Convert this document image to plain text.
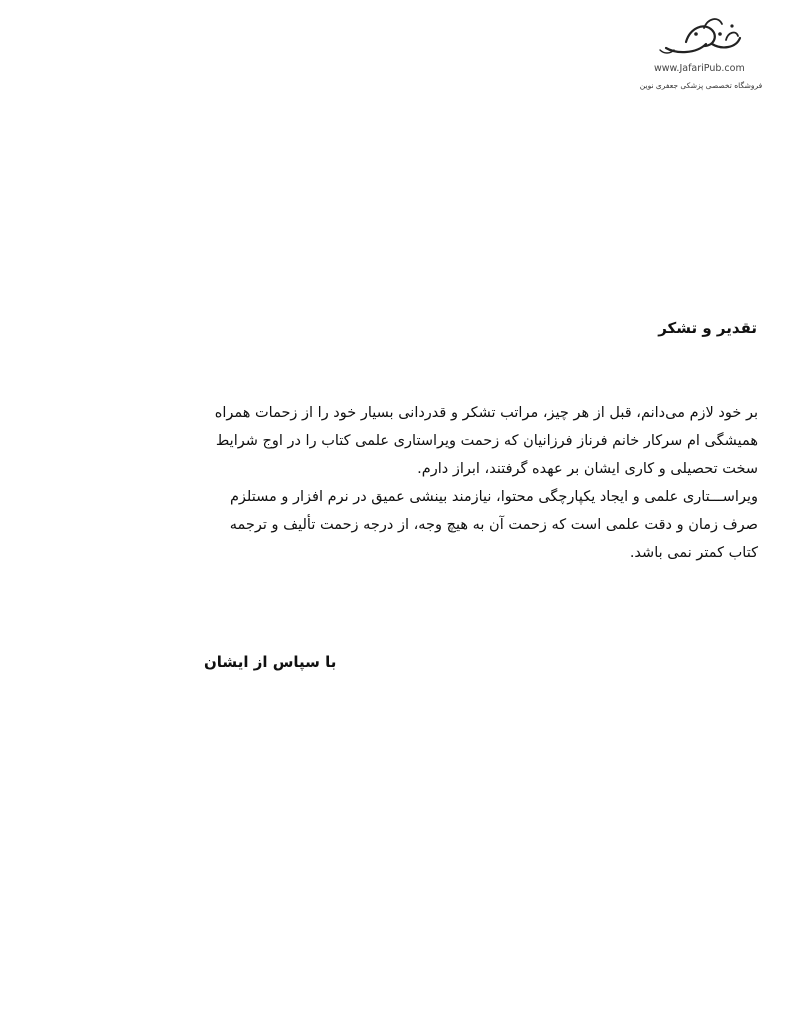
www.JafariPub.com
فروشگاه تخصصی پزشکی جعفری نوین
تقدیر و تشکر

بر خود لازم می‌دانم، قبل از هر چیز، مراتب تشکر و قدردانی بسیار خود را از زحمات همراه همیشگی ام سرکار خانم فرناز فرزانیان که زحمت ویراستاری علمی کتاب را در اوج شرایط سخت تحصیلی و کاری ایشان بر عهده گرفتند، ابراز دارم.

ویراســـتاری علمی و ایجاد یکپارچگی محتوا، نیازمند بینشی عمیق در نرم افزار و مستلزم صرف زمان و دقت علمی است که زحمت آن به هیچ وجه، از درجه زحمت تألیف و ترجمه کتاب کمتر نمی باشد.

با سپاس از ایشان
